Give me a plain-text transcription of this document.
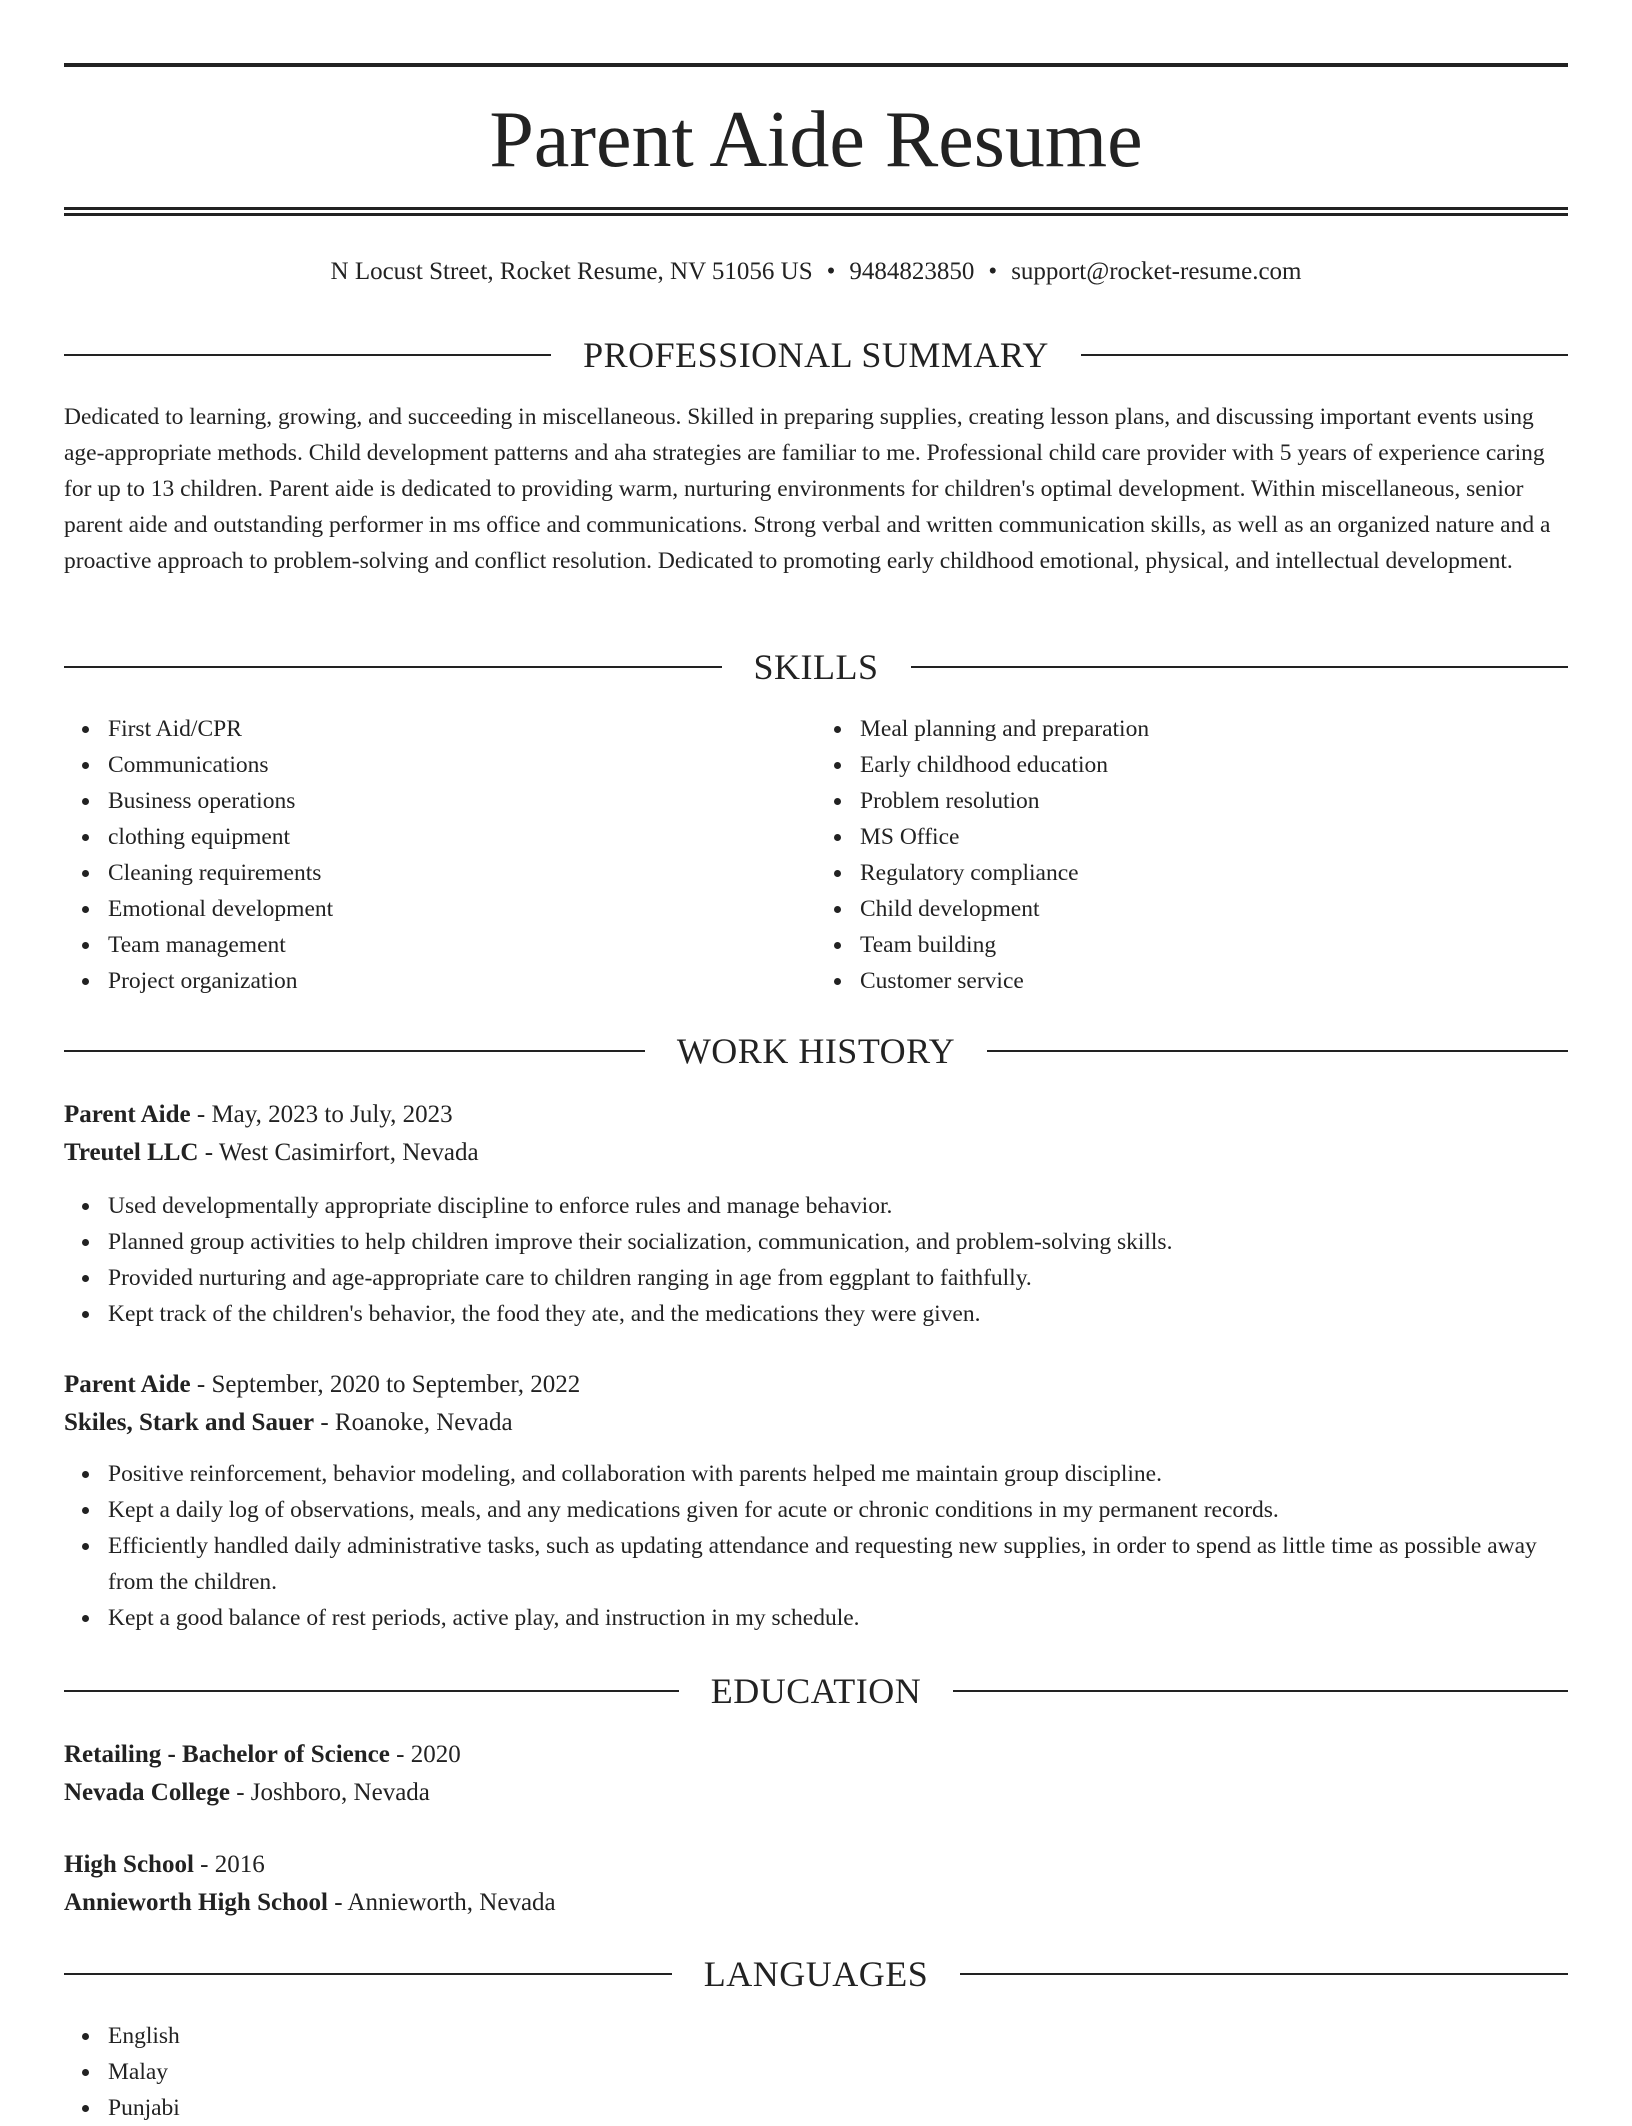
Parent Aide Resume
N Locust Street, Rocket Resume, NV 51056 US • 9484823850 • support@rocket-resume.com
PROFESSIONAL SUMMARY

Dedicated to learning, growing, and succeeding in miscellaneous. Skilled in preparing supplies, creating lesson plans, and discussing important events using age-appropriate methods. Child development patterns and aha strategies are familiar to me. Professional child care provider with 5 years of experience caring for up to 13 children. Parent aide is dedicated to providing warm, nurturing environments for children's optimal development. Within miscellaneous, senior parent aide and outstanding performer in ms office and communications. Strong verbal and written communication skills, as well as an organized nature and a proactive approach to problem-solving and conflict resolution. Dedicated to promoting early childhood emotional, physical, and intellectual development.

SKILLS
First Aid/CPR
Communications
Business operations
clothing equipment
Cleaning requirements
Emotional development
Team management
Project organization
Meal planning and preparation
Early childhood education
Problem resolution
MS Office
Regulatory compliance
Child development
Team building
Customer service
WORK HISTORY
Parent Aide - May, 2023 to July, 2023
Treutel LLC - West Casimirfort, Nevada
Used developmentally appropriate discipline to enforce rules and manage behavior.
Planned group activities to help children improve their socialization, communication, and problem-solving skills.
Provided nurturing and age-appropriate care to children ranging in age from eggplant to faithfully.
Kept track of the children's behavior, the food they ate, and the medications they were given.
Parent Aide - September, 2020 to September, 2022
Skiles, Stark and Sauer - Roanoke, Nevada
Positive reinforcement, behavior modeling, and collaboration with parents helped me maintain group discipline.
Kept a daily log of observations, meals, and any medications given for acute or chronic conditions in my permanent records.
Efficiently handled daily administrative tasks, such as updating attendance and requesting new supplies, in order to spend as little time as possible away from the children.
Kept a good balance of rest periods, active play, and instruction in my schedule.
EDUCATION
Retailing - Bachelor of Science - 2020
Nevada College - Joshboro, Nevada
High School - 2016
Annieworth High School - Annieworth, Nevada
LANGUAGES
English
Malay
Punjabi
